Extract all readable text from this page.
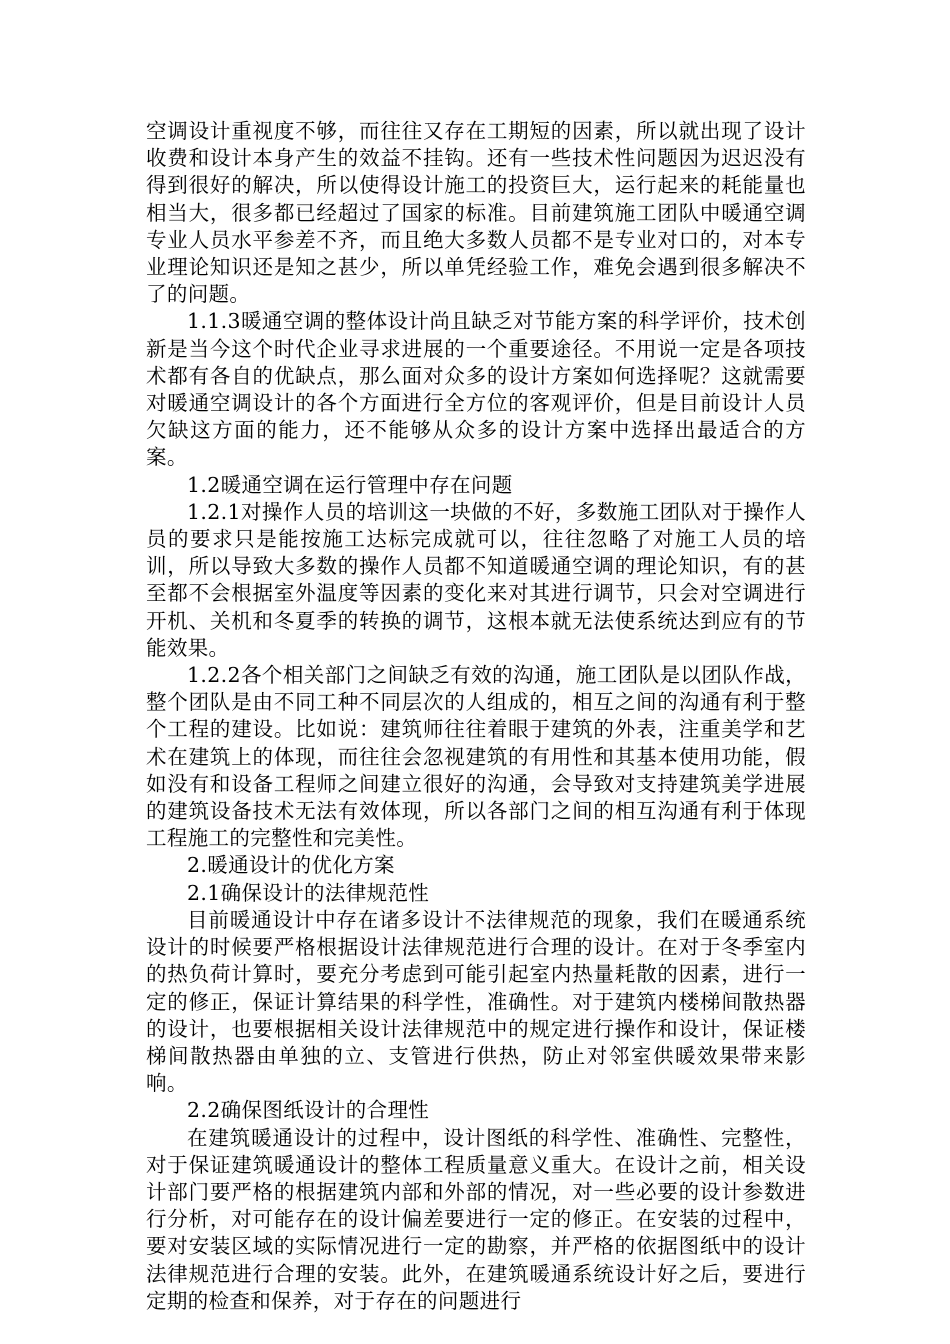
空调设计重视度不够，而往往又存在工期短的因素，所以就出现了设计收费和设计本身产生的效益不挂钩。还有一些技术性问题因为迟迟没有得到很好的解决，所以使得设计施工的投资巨大，运行起来的耗能量也相当大，很多都已经超过了国家的标准。目前建筑施工团队中暖通空调专业人员水平参差不齐，而且绝大多数人员都不是专业对口的，对本专业理论知识还是知之甚少，所以单凭经验工作，难免会遇到很多解决不了的问题。

1.1.3暖通空调的整体设计尚且缺乏对节能方案的科学评价，技术创新是当今这个时代企业寻求进展的一个重要途径。不用说一定是各项技术都有各自的优缺点，那么面对众多的设计方案如何选择呢？这就需要对暖通空调设计的各个方面进行全方位的客观评价，但是目前设计人员欠缺这方面的能力，还不能够从众多的设计方案中选择出最适合的方案。

1.2暖通空调在运行管理中存在问题

1.2.1对操作人员的培训这一块做的不好，多数施工团队对于操作人员的要求只是能按施工达标完成就可以，往往忽略了对施工人员的培训，所以导致大多数的操作人员都不知道暖通空调的理论知识，有的甚至都不会根据室外温度等因素的变化来对其进行调节，只会对空调进行开机、关机和冬夏季的转换的调节，这根本就无法使系统达到应有的节能效果。

1.2.2各个相关部门之间缺乏有效的沟通，施工团队是以团队作战，整个团队是由不同工种不同层次的人组成的，相互之间的沟通有利于整个工程的建设。比如说：建筑师往往着眼于建筑的外表，注重美学和艺术在建筑上的体现，而往往会忽视建筑的有用性和其基本使用功能，假如没有和设备工程师之间建立很好的沟通，会导致对支持建筑美学进展的建筑设备技术无法有效体现，所以各部门之间的相互沟通有利于体现工程施工的完整性和完美性。

2.暖通设计的优化方案

2.1确保设计的法律规范性

目前暖通设计中存在诸多设计不法律规范的现象，我们在暖通系统设计的时候要严格根据设计法律规范进行合理的设计。在对于冬季室内的热负荷计算时，要充分考虑到可能引起室内热量耗散的因素，进行一定的修正，保证计算结果的科学性，准确性。对于建筑内楼梯间散热器的设计，也要根据相关设计法律规范中的规定进行操作和设计，保证楼梯间散热器由单独的立、支管进行供热，防止对邻室供暖效果带来影响。

2.2确保图纸设计的合理性

在建筑暖通设计的过程中，设计图纸的科学性、准确性、完整性，对于保证建筑暖通设计的整体工程质量意义重大。在设计之前，相关设计部门要严格的根据建筑内部和外部的情况，对一些必要的设计参数进行分析，对可能存在的设计偏差要进行一定的修正。在安装的过程中，要对安装区域的实际情况进行一定的勘察，并严格的依据图纸中的设计法律规范进行合理的安装。此外，在建筑暖通系统设计好之后，要进行定期的检查和保养，对于存在的问题进行
